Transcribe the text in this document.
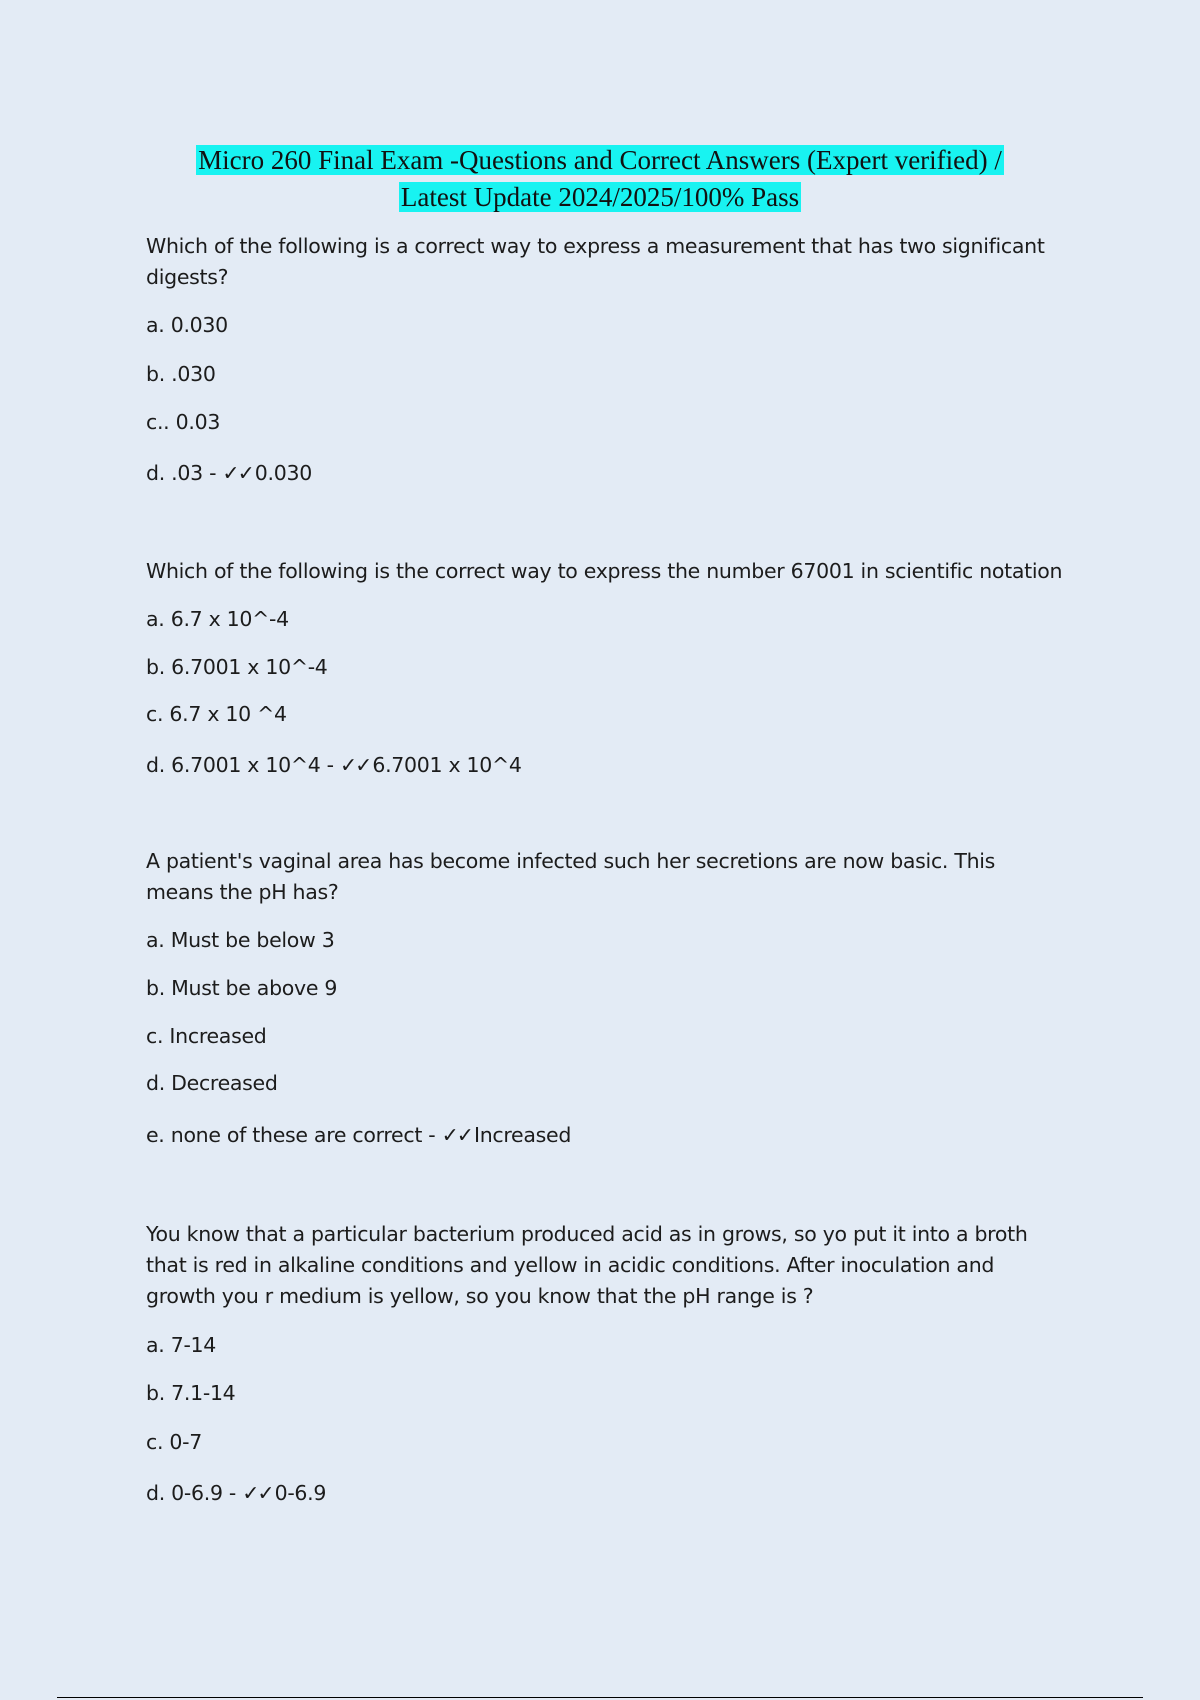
Micro 260 Final Exam -Questions and Correct Answers (Expert verified) /
Latest Update 2024/2025/100% Pass
Which of the following is a correct way to express a measurement that has two significant digests?
a. 0.030
b. .030
c.. 0.03
d. .03 - ✓✓0.030
Which of the following is the correct way to express the number 67001 in scientific notation
a. 6.7 x 10^-4
b. 6.7001 x 10^-4
c. 6.7 x 10 ^4
d. 6.7001 x 10^4 - ✓✓6.7001 x 10^4
A patient's vaginal area has become infected such her secretions are now basic. This means the pH has?
a. Must be below 3
b. Must be above 9
c. Increased
d. Decreased
e. none of these are correct - ✓✓Increased
You know that a particular bacterium produced acid as in grows, so yo put it into a broth that is red in alkaline conditions and yellow in acidic conditions. After inoculation and growth you r medium is yellow, so you know that the pH range is ?
a. 7-14
b. 7.1-14
c. 0-7
d. 0-6.9 - ✓✓0-6.9
